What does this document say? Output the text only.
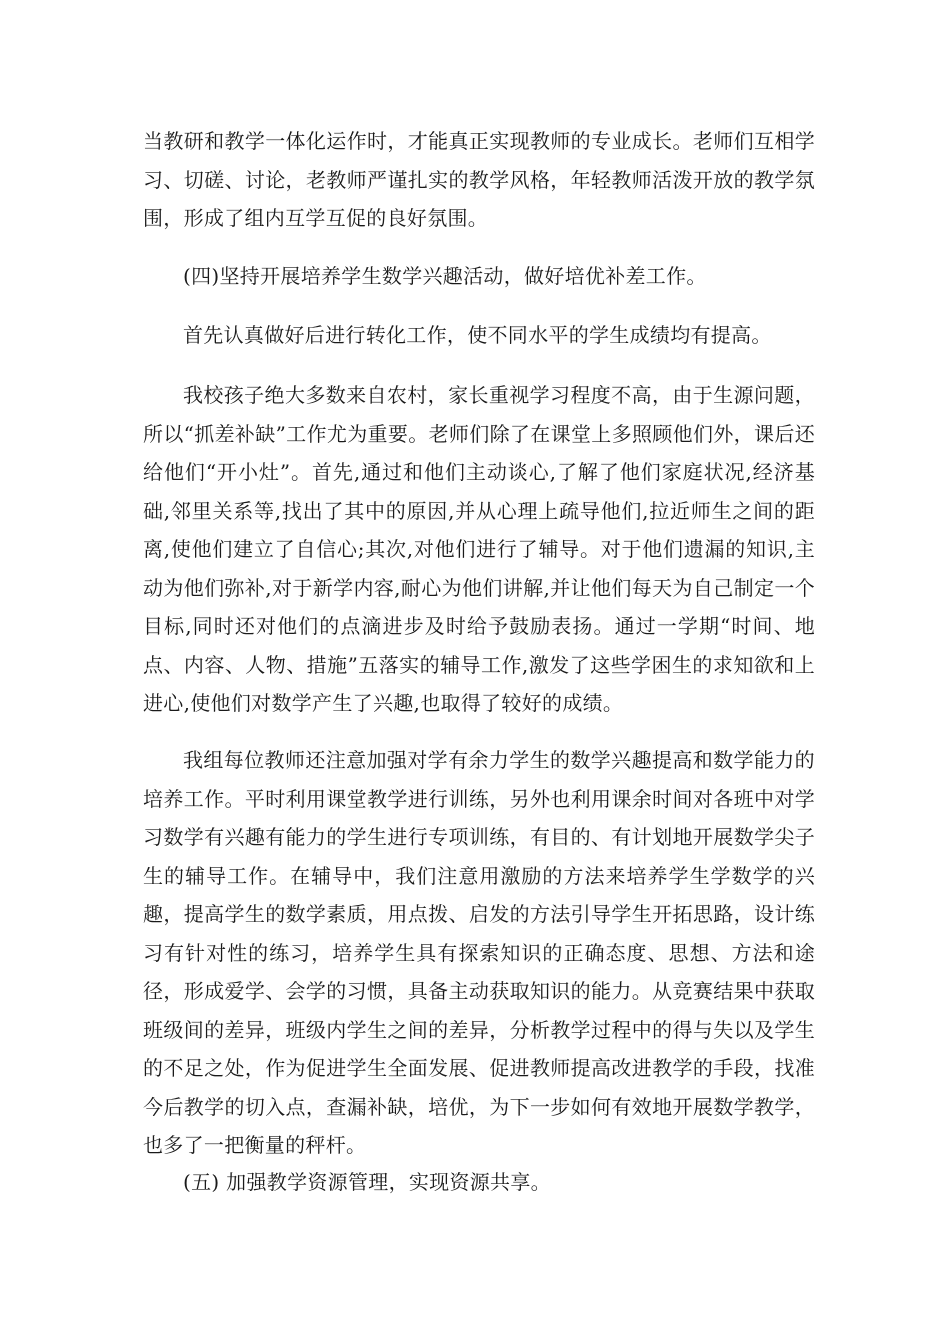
当教研和教学一体化运作时，才能真正实现教师的专业成长。老师们互相学习、切磋、讨论，老教师严谨扎实的教学风格，年轻教师活泼开放的教学氛围，形成了组内互学互促的良好氛围。

(四)坚持开展培养学生数学兴趣活动，做好培优补差工作。

首先认真做好后进行转化工作，使不同水平的学生成绩均有提高。

我校孩子绝大多数来自农村，家长重视学习程度不高，由于生源问题，所以“抓差补缺”工作尤为重要。老师们除了在课堂上多照顾他们外，课后还给他们“开小灶”。首先,通过和他们主动谈心,了解了他们家庭状况,经济基础,邻里关系等,找出了其中的原因,并从心理上疏导他们,拉近师生之间的距离,使他们建立了自信心;其次,对他们进行了辅导。对于他们遗漏的知识,主动为他们弥补,对于新学内容,耐心为他们讲解,并让他们每天为自己制定一个目标,同时还对他们的点滴进步及时给予鼓励表扬。通过一学期“时间、地点、内容、人物、措施”五落实的辅导工作,激发了这些学困生的求知欲和上进心,使他们对数学产生了兴趣,也取得了较好的成绩。

我组每位教师还注意加强对学有余力学生的数学兴趣提高和数学能力的培养工作。平时利用课堂教学进行训练，另外也利用课余时间对各班中对学习数学有兴趣有能力的学生进行专项训练，有目的、有计划地开展数学尖子生的辅导工作。在辅导中，我们注意用激励的方法来培养学生学数学的兴趣，提高学生的数学素质，用点拨、启发的方法引导学生开拓思路，设计练习有针对性的练习，培养学生具有探索知识的正确态度、思想、方法和途径，形成爱学、会学的习惯，具备主动获取知识的能力。从竞赛结果中获取班级间的差异，班级内学生之间的差异，分析教学过程中的得与失以及学生的不足之处，作为促进学生全面发展、促进教师提高改进教学的手段，找准今后教学的切入点，查漏补缺，培优，为下一步如何有效地开展数学教学，也多了一把衡量的秤杆。

(五) 加强教学资源管理，实现资源共享。
